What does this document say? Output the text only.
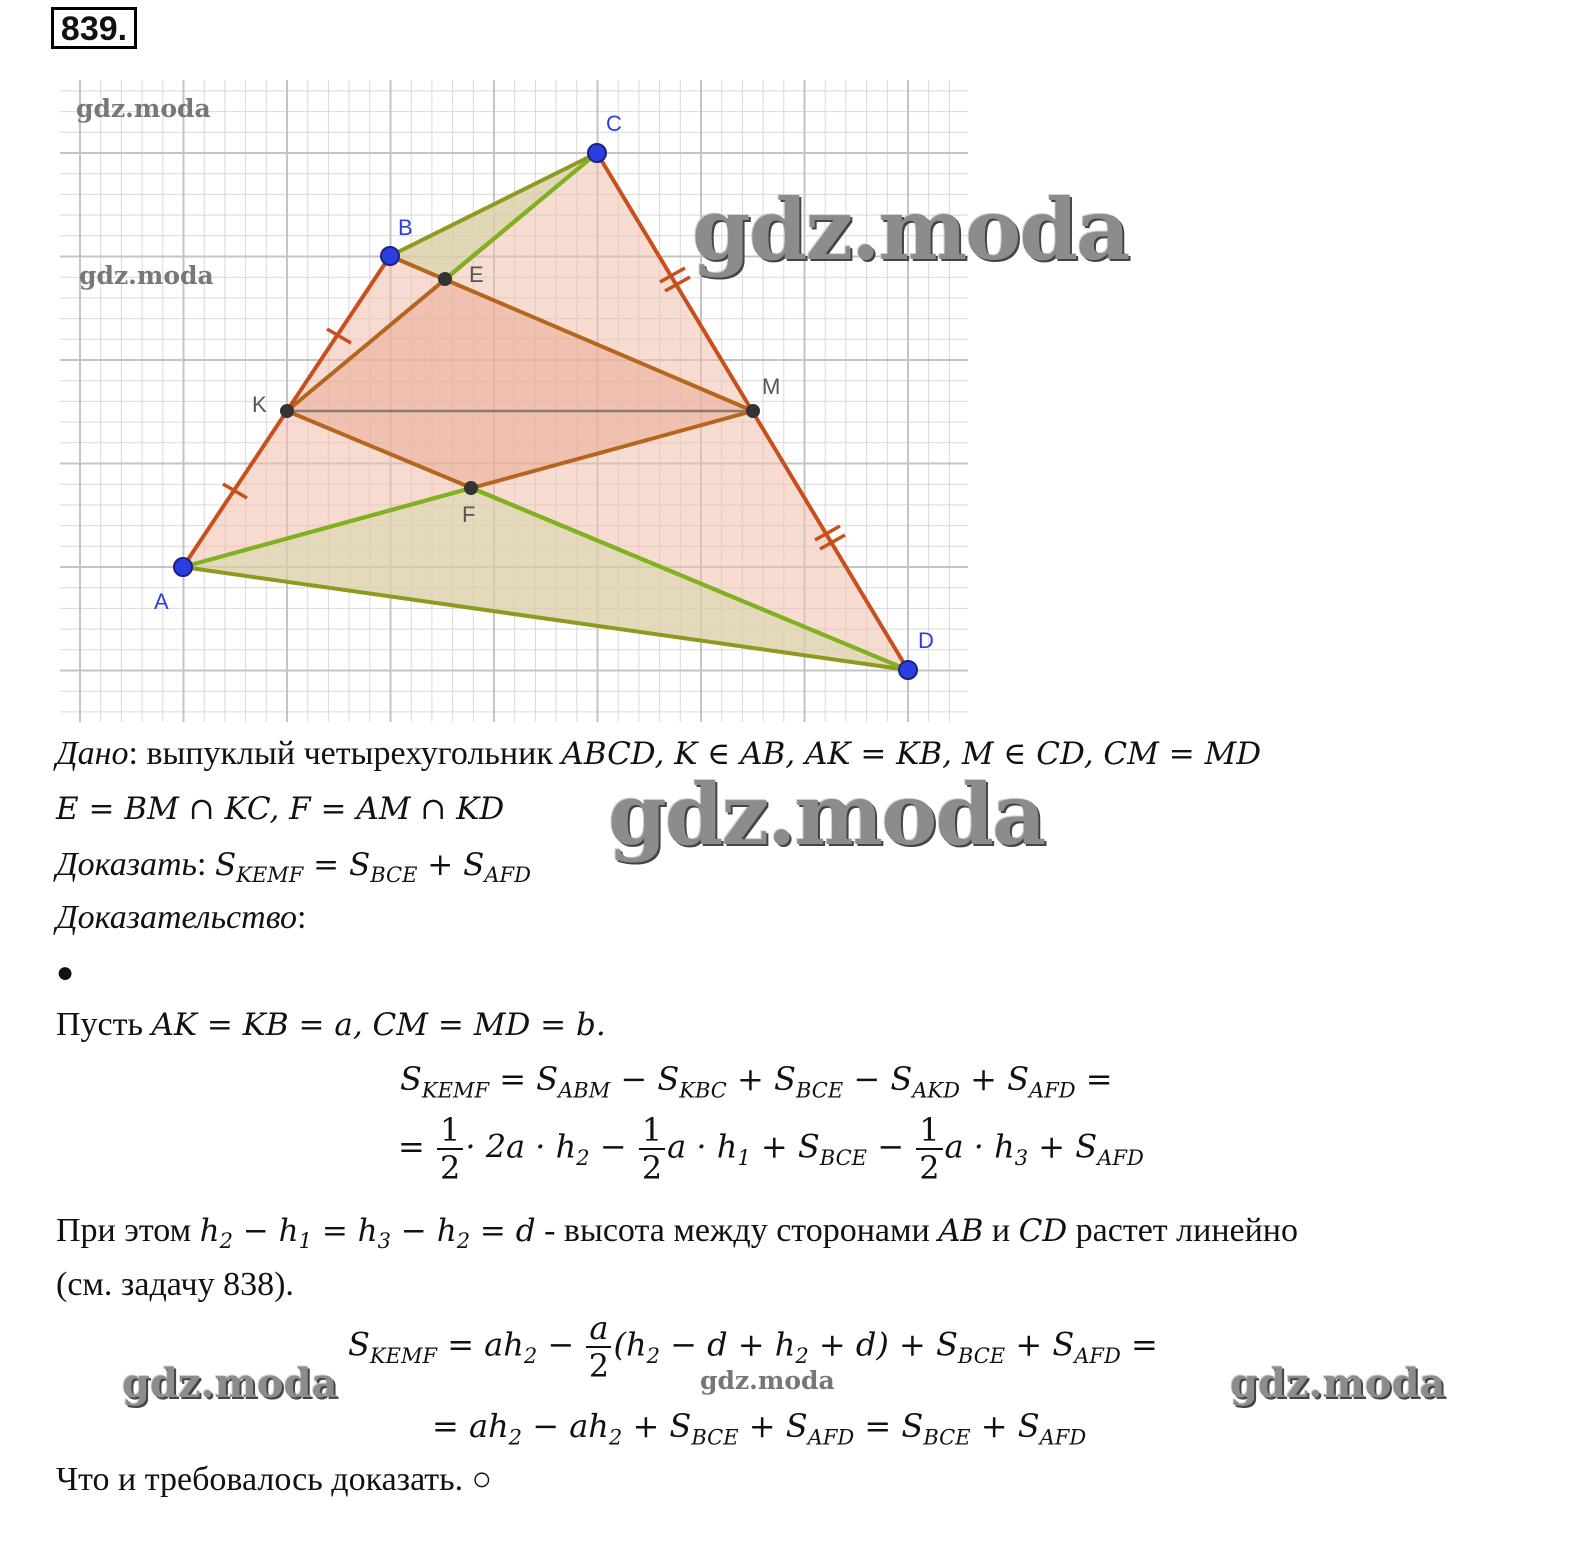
839.
A
B
C
D
K
M
E
F
gdz.moda
gdz.moda	gdz.moda
gdz.moda
gdz.moda	gdz.moda
gdz.moda
Дано: выпуклый четырехугольник ABCD, K ∈ AB, AK = KB, M ∈ CD, CM = MD
E = BM ∩ KC, F = AM ∩ KD
Доказать: $S_{KEMF} = S_{BCE} + S_{AFD}$
Доказательство:
●
Пусть AK = KB = a, CM = MD = b.
$S_{KEMF} = S_{ABM} - S_{KBC} + S_{BCE} - S_{AKD} + S_{AFD}$ =
= $\frac{1}{2} \cdot 2a \cdot h_2 - \frac{1}{2}$ $a \cdot h_1 + S_{BCE} - \frac{1}{2}$ $a \cdot h_3 + S_{AFD}$
При этом $h_2 - h_1 = h_3 - h_2 = d$ - высота между сторонами AB и CD растет линейно
(см. задачу 838).
$S_{KEMF} = ah_2 - \frac{a}{2} (h_2 - d + h_2 + d) + S_{BCE} + S_{AFD}$ =
= $ah_2 - ah_2 + S_{BCE} + S_{AFD} = S_{BCE} + S_{AFD}$
Что и требовалось доказать. ○
